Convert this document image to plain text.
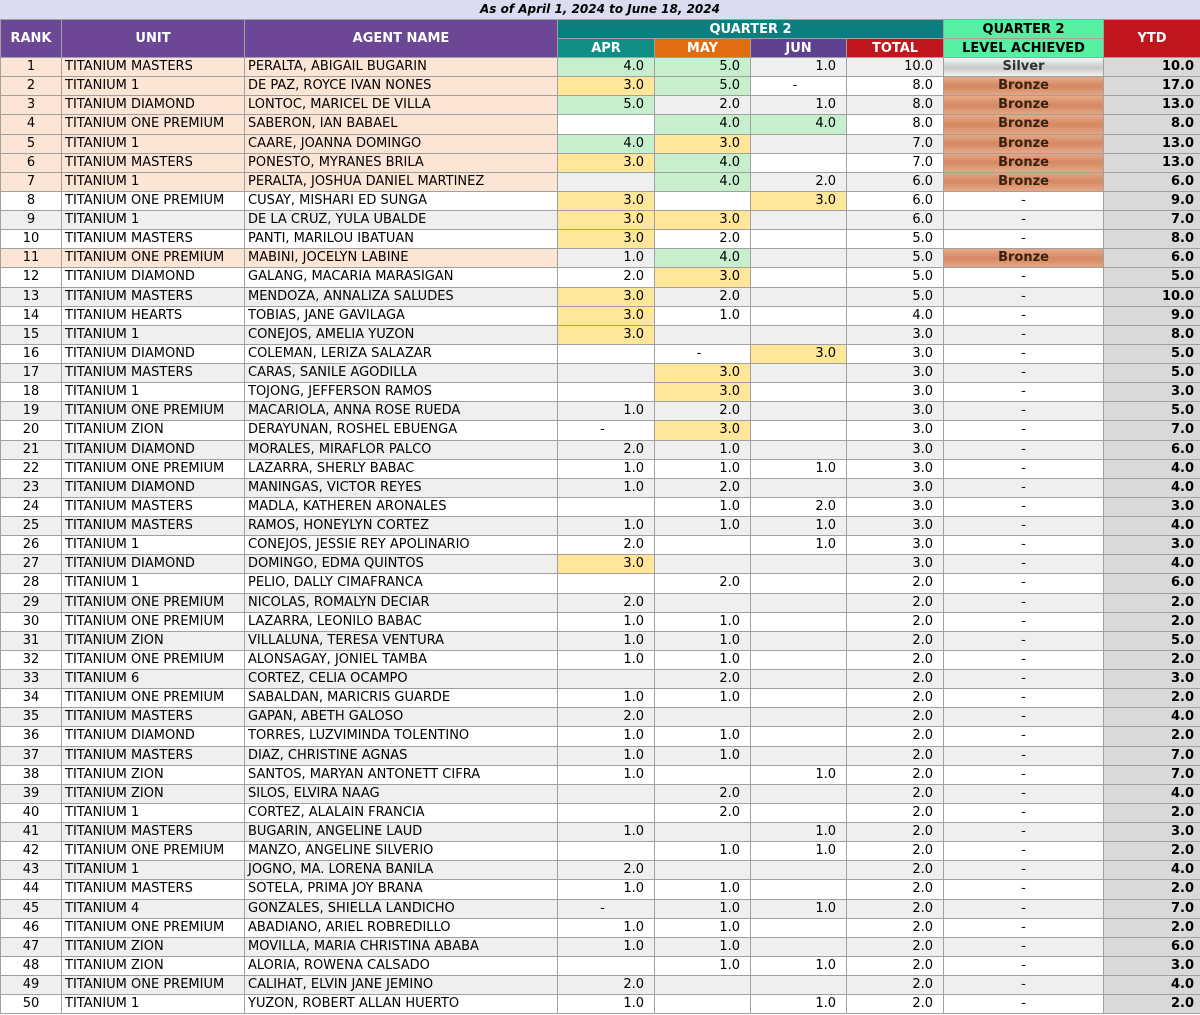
As of April 1, 2024 to June 18, 2024
RANK	UNIT	AGENT NAME	QUARTER 2				QUARTER 2	YTD
			APR	MAY	JUN	TOTAL	LEVEL ACHIEVED	
1	TITANIUM MASTERS	PERALTA, ABIGAIL BUGARIN	4.0	5.0	1.0	10.0	Silver	10.0
2	TITANIUM 1	DE PAZ, ROYCE IVAN NONES	3.0	5.0	-	8.0	Bronze	17.0
3	TITANIUM DIAMOND	LONTOC, MARICEL DE VILLA	5.0	2.0	1.0	8.0	Bronze	13.0
4	TITANIUM ONE PREMIUM	SABERON, IAN BABAEL		4.0	4.0	8.0	Bronze	8.0
5	TITANIUM 1	CAARE, JOANNA DOMINGO	4.0	3.0		7.0	Bronze	13.0
6	TITANIUM MASTERS	PONESTO, MYRANES BRILA	3.0	4.0		7.0	Bronze	13.0
7	TITANIUM 1	PERALTA, JOSHUA DANIEL MARTINEZ		4.0	2.0	6.0	Bronze	6.0
8	TITANIUM ONE PREMIUM	CUSAY, MISHARI ED SUNGA	3.0		3.0	6.0	-	9.0
9	TITANIUM 1	DE LA CRUZ, YULA UBALDE	3.0	3.0		6.0	-	7.0
10	TITANIUM MASTERS	PANTI, MARILOU IBATUAN	3.0	2.0		5.0	-	8.0
11	TITANIUM ONE PREMIUM	MABINI, JOCELYN LABINE	1.0	4.0		5.0	Bronze	6.0
12	TITANIUM DIAMOND	GALANG, MACARIA MARASIGAN	2.0	3.0		5.0	-	5.0
13	TITANIUM MASTERS	MENDOZA, ANNALIZA SALUDES	3.0	2.0		5.0	-	10.0
14	TITANIUM HEARTS	TOBIAS, JANE GAVILAGA	3.0	1.0		4.0	-	9.0
15	TITANIUM 1	CONEJOS, AMELIA YUZON	3.0			3.0	-	8.0
16	TITANIUM DIAMOND	COLEMAN, LERIZA SALAZAR		-	3.0	3.0	-	5.0
17	TITANIUM MASTERS	CARAS, SANILE AGODILLA		3.0		3.0	-	5.0
18	TITANIUM 1	TOJONG, JEFFERSON RAMOS		3.0		3.0	-	3.0
19	TITANIUM ONE PREMIUM	MACARIOLA, ANNA ROSE RUEDA	1.0	2.0		3.0	-	5.0
20	TITANIUM ZION	DERAYUNAN, ROSHEL EBUENGA	-	3.0		3.0	-	7.0
21	TITANIUM DIAMOND	MORALES, MIRAFLOR PALCO	2.0	1.0		3.0	-	6.0
22	TITANIUM ONE PREMIUM	LAZARRA, SHERLY BABAC	1.0	1.0	1.0	3.0	-	4.0
23	TITANIUM DIAMOND	MANINGAS, VICTOR REYES	1.0	2.0		3.0	-	4.0
24	TITANIUM MASTERS	MADLA, KATHEREN ARONALES		1.0	2.0	3.0	-	3.0
25	TITANIUM MASTERS	RAMOS, HONEYLYN CORTEZ	1.0	1.0	1.0	3.0	-	4.0
26	TITANIUM 1	CONEJOS, JESSIE REY APOLINARIO	2.0		1.0	3.0	-	3.0
27	TITANIUM DIAMOND	DOMINGO, EDMA QUINTOS	3.0			3.0	-	4.0
28	TITANIUM 1	PELIO, DALLY CIMAFRANCA		2.0		2.0	-	6.0
29	TITANIUM ONE PREMIUM	NICOLAS, ROMALYN DECIAR	2.0			2.0	-	2.0
30	TITANIUM ONE PREMIUM	LAZARRA, LEONILO BABAC	1.0	1.0		2.0	-	2.0
31	TITANIUM ZION	VILLALUNA, TERESA VENTURA	1.0	1.0		2.0	-	5.0
32	TITANIUM ONE PREMIUM	ALONSAGAY, JONIEL TAMBA	1.0	1.0		2.0	-	2.0
33	TITANIUM 6	CORTEZ, CELIA OCAMPO		2.0		2.0	-	3.0
34	TITANIUM ONE PREMIUM	SABALDAN, MARICRIS GUARDE	1.0	1.0		2.0	-	2.0
35	TITANIUM MASTERS	GAPAN, ABETH GALOSO	2.0			2.0	-	4.0
36	TITANIUM DIAMOND	TORRES, LUZVIMINDA TOLENTINO	1.0	1.0		2.0	-	2.0
37	TITANIUM MASTERS	DIAZ, CHRISTINE AGNAS	1.0	1.0		2.0	-	7.0
38	TITANIUM ZION	SANTOS, MARYAN ANTONETT CIFRA	1.0		1.0	2.0	-	7.0
39	TITANIUM ZION	SILOS, ELVIRA NAAG		2.0		2.0	-	4.0
40	TITANIUM 1	CORTEZ, ALALAIN FRANCIA		2.0		2.0	-	2.0
41	TITANIUM MASTERS	BUGARIN, ANGELINE LAUD	1.0		1.0	2.0	-	3.0
42	TITANIUM ONE PREMIUM	MANZO, ANGELINE SILVERIO		1.0	1.0	2.0	-	2.0
43	TITANIUM 1	JOGNO, MA. LORENA BANILA	2.0			2.0	-	4.0
44	TITANIUM MASTERS	SOTELA, PRIMA JOY BRANA	1.0	1.0		2.0	-	2.0
45	TITANIUM 4	GONZALES, SHIELLA LANDICHO	-	1.0	1.0	2.0	-	7.0
46	TITANIUM ONE PREMIUM	ABADIANO, ARIEL ROBREDILLO	1.0	1.0		2.0	-	2.0
47	TITANIUM ZION	MOVILLA, MARIA CHRISTINA ABABA	1.0	1.0		2.0	-	6.0
48	TITANIUM ZION	ALORIA, ROWENA CALSADO		1.0	1.0	2.0	-	3.0
49	TITANIUM ONE PREMIUM	CALIHAT, ELVIN JANE JEMINO	2.0			2.0	-	4.0
50	TITANIUM 1	YUZON, ROBERT ALLAN HUERTO	1.0		1.0	2.0	-	2.0
